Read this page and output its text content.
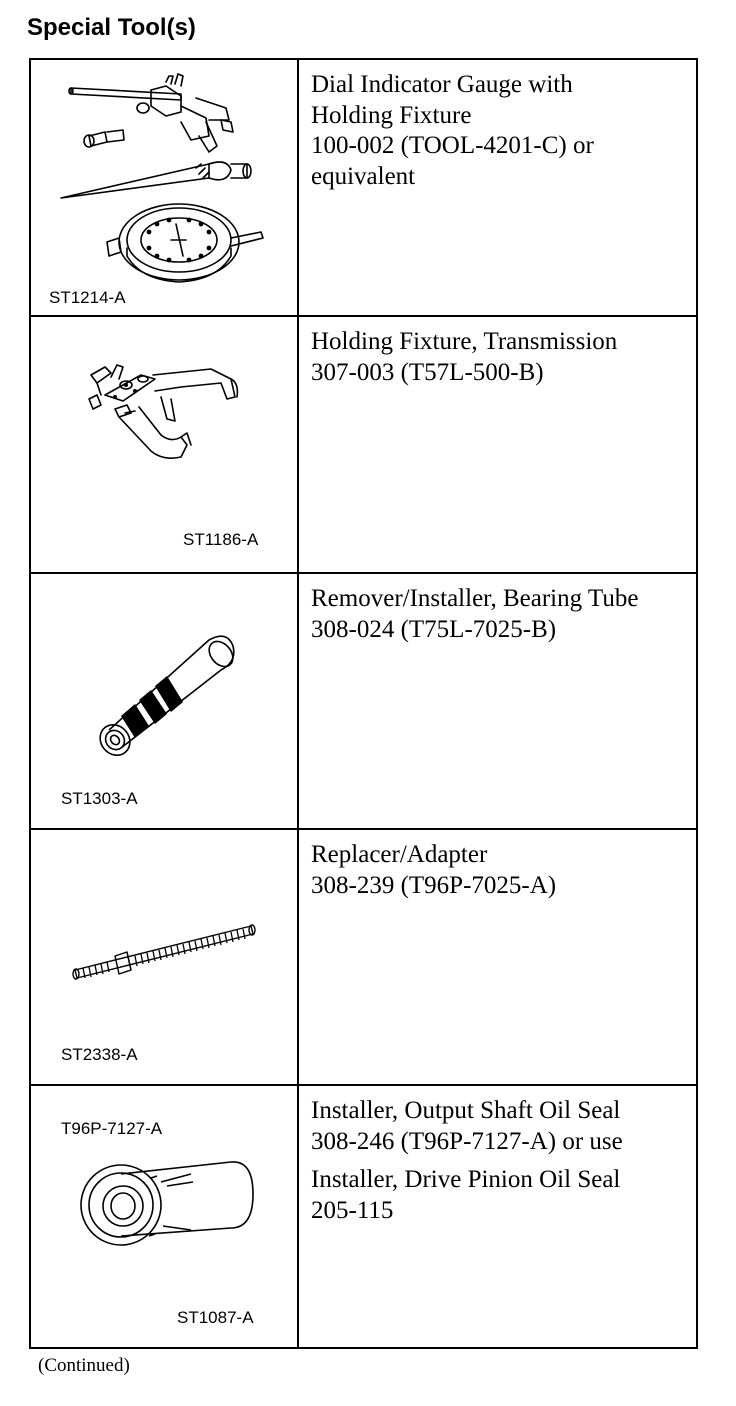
Special Tool(s)
ST1214-A
Dial Indicator Gauge with
Holding Fixture
100-002 (TOOL-4201-C) or
equivalent
ST1186-A
Holding Fixture, Transmission
307-003 (T57L-500-B)
ST1303-A
Remover/Installer, Bearing Tube
308-024 (T75L-7025-B)
ST2338-A
Replacer/Adapter
308-239 (T96P-7025-A)
T96P-7127-A
ST1087-A
Installer, Output Shaft Oil Seal
308-246 (T96P-7127-A) or use
Installer, Drive Pinion Oil Seal
205-115
(Continued)
